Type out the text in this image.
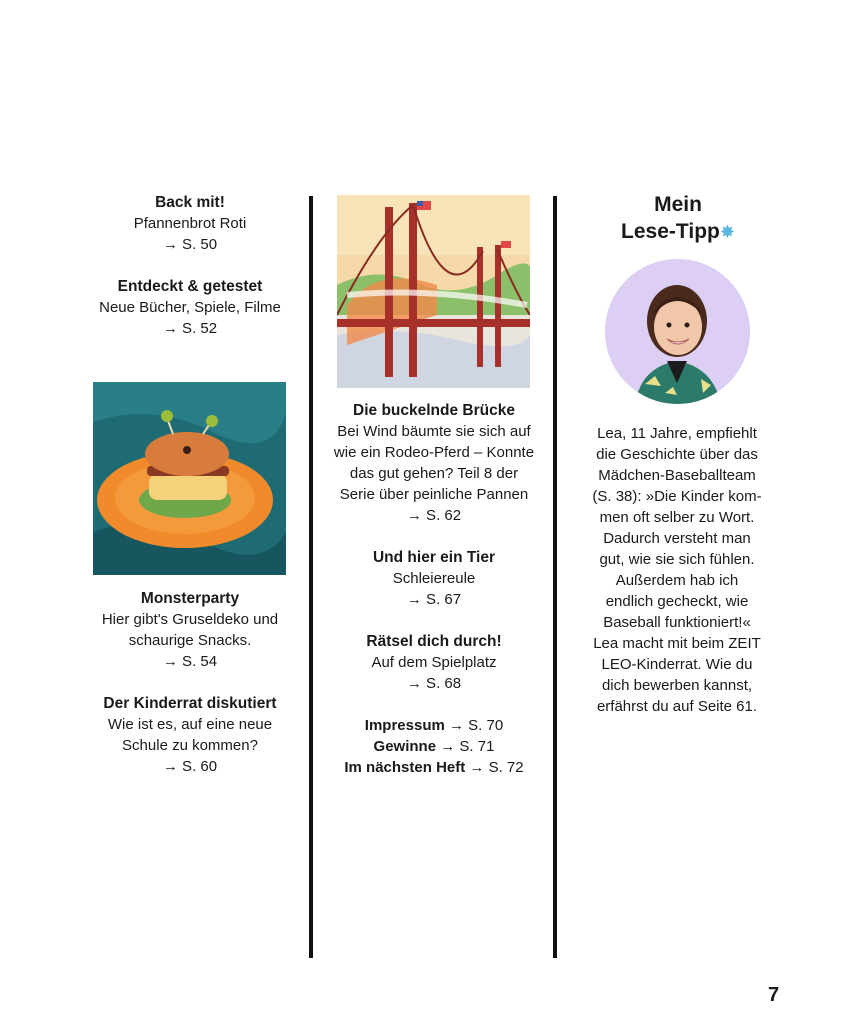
Back mit!
Pfannenbrot Roti
→ S. 50
Entdeckt & getestet
Neue Bücher, Spiele, Filme
→ S. 52
Monsterparty
Hier gibt's Gruseldeko und
schaurige Snacks.
→ S. 54
Der Kinderrat diskutiert
Wie ist es, auf eine neue
Schule zu kommen?
→ S. 60
Die buckelnde Brücke
Bei Wind bäumte sie sich auf
wie ein Rodeo-Pferd – Konnte
das gut gehen? Teil 8 der
Serie über peinliche Pannen
→ S. 62
Und hier ein Tier
Schleiereule
→ S. 67
Rätsel dich durch!
Auf dem Spielplatz
→ S. 68
Impressum → S. 70
Gewinne → S. 71
Im nächsten Heft → S. 72
Mein
Lese-Tipp✸
Lea, 11 Jahre, empfiehlt
die Geschichte über das
Mädchen-Baseballteam
(S. 38): »Die Kinder kom-
men oft selber zu Wort.
Dadurch versteht man
gut, wie sie sich fühlen.
Außerdem hab ich
endlich gecheckt, wie
Baseball funktioniert!«
Lea macht mit beim ZEIT
LEO-Kinderrat. Wie du
dich bewerben kannst,
erfährst du auf Seite 61.
7
